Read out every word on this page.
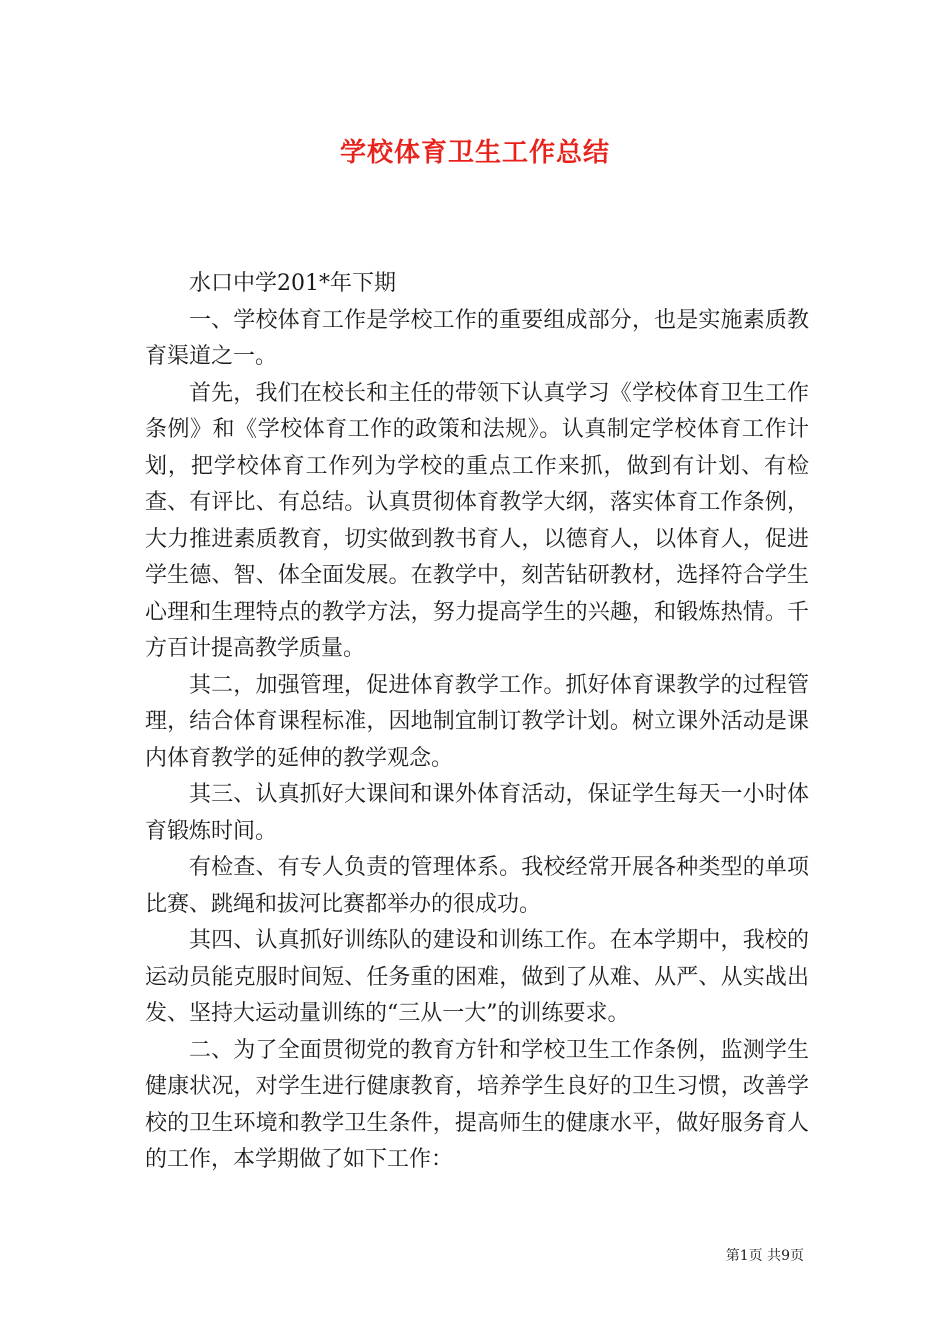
学校体育卫生工作总结

水口中学201*年下期

一、学校体育工作是学校工作的重要组成部分，也是实施素质教育渠道之一。

首先，我们在校长和主任的带领下认真学习《学校体育卫生工作条例》和《学校体育工作的政策和法规》。认真制定学校体育工作计划，把学校体育工作列为学校的重点工作来抓，做到有计划、有检查、有评比、有总结。认真贯彻体育教学大纲，落实体育工作条例，大力推进素质教育，切实做到教书育人，以德育人，以体育人，促进学生德、智、体全面发展。在教学中，刻苦钻研教材，选择符合学生心理和生理特点的教学方法，努力提高学生的兴趣，和锻炼热情。千方百计提高教学质量。

其二，加强管理，促进体育教学工作。抓好体育课教学的过程管理，结合体育课程标准，因地制宜制订教学计划。树立课外活动是课内体育教学的延伸的教学观念。

其三、认真抓好大课间和课外体育活动，保证学生每天一小时体育锻炼时间。

有检查、有专人负责的管理体系。我校经常开展各种类型的单项比赛、跳绳和拔河比赛都举办的很成功。

其四、认真抓好训练队的建设和训练工作。在本学期中，我校的运动员能克服时间短、任务重的困难，做到了从难、从严、从实战出发、坚持大运动量训练的“三从一大”的训练要求。

二、为了全面贯彻党的教育方针和学校卫生工作条例，监测学生健康状况，对学生进行健康教育，培养学生良好的卫生习惯，改善学校的卫生环境和教学卫生条件，提高师生的健康水平，做好服务育人的工作，本学期做了如下工作：

第1页 共9页
